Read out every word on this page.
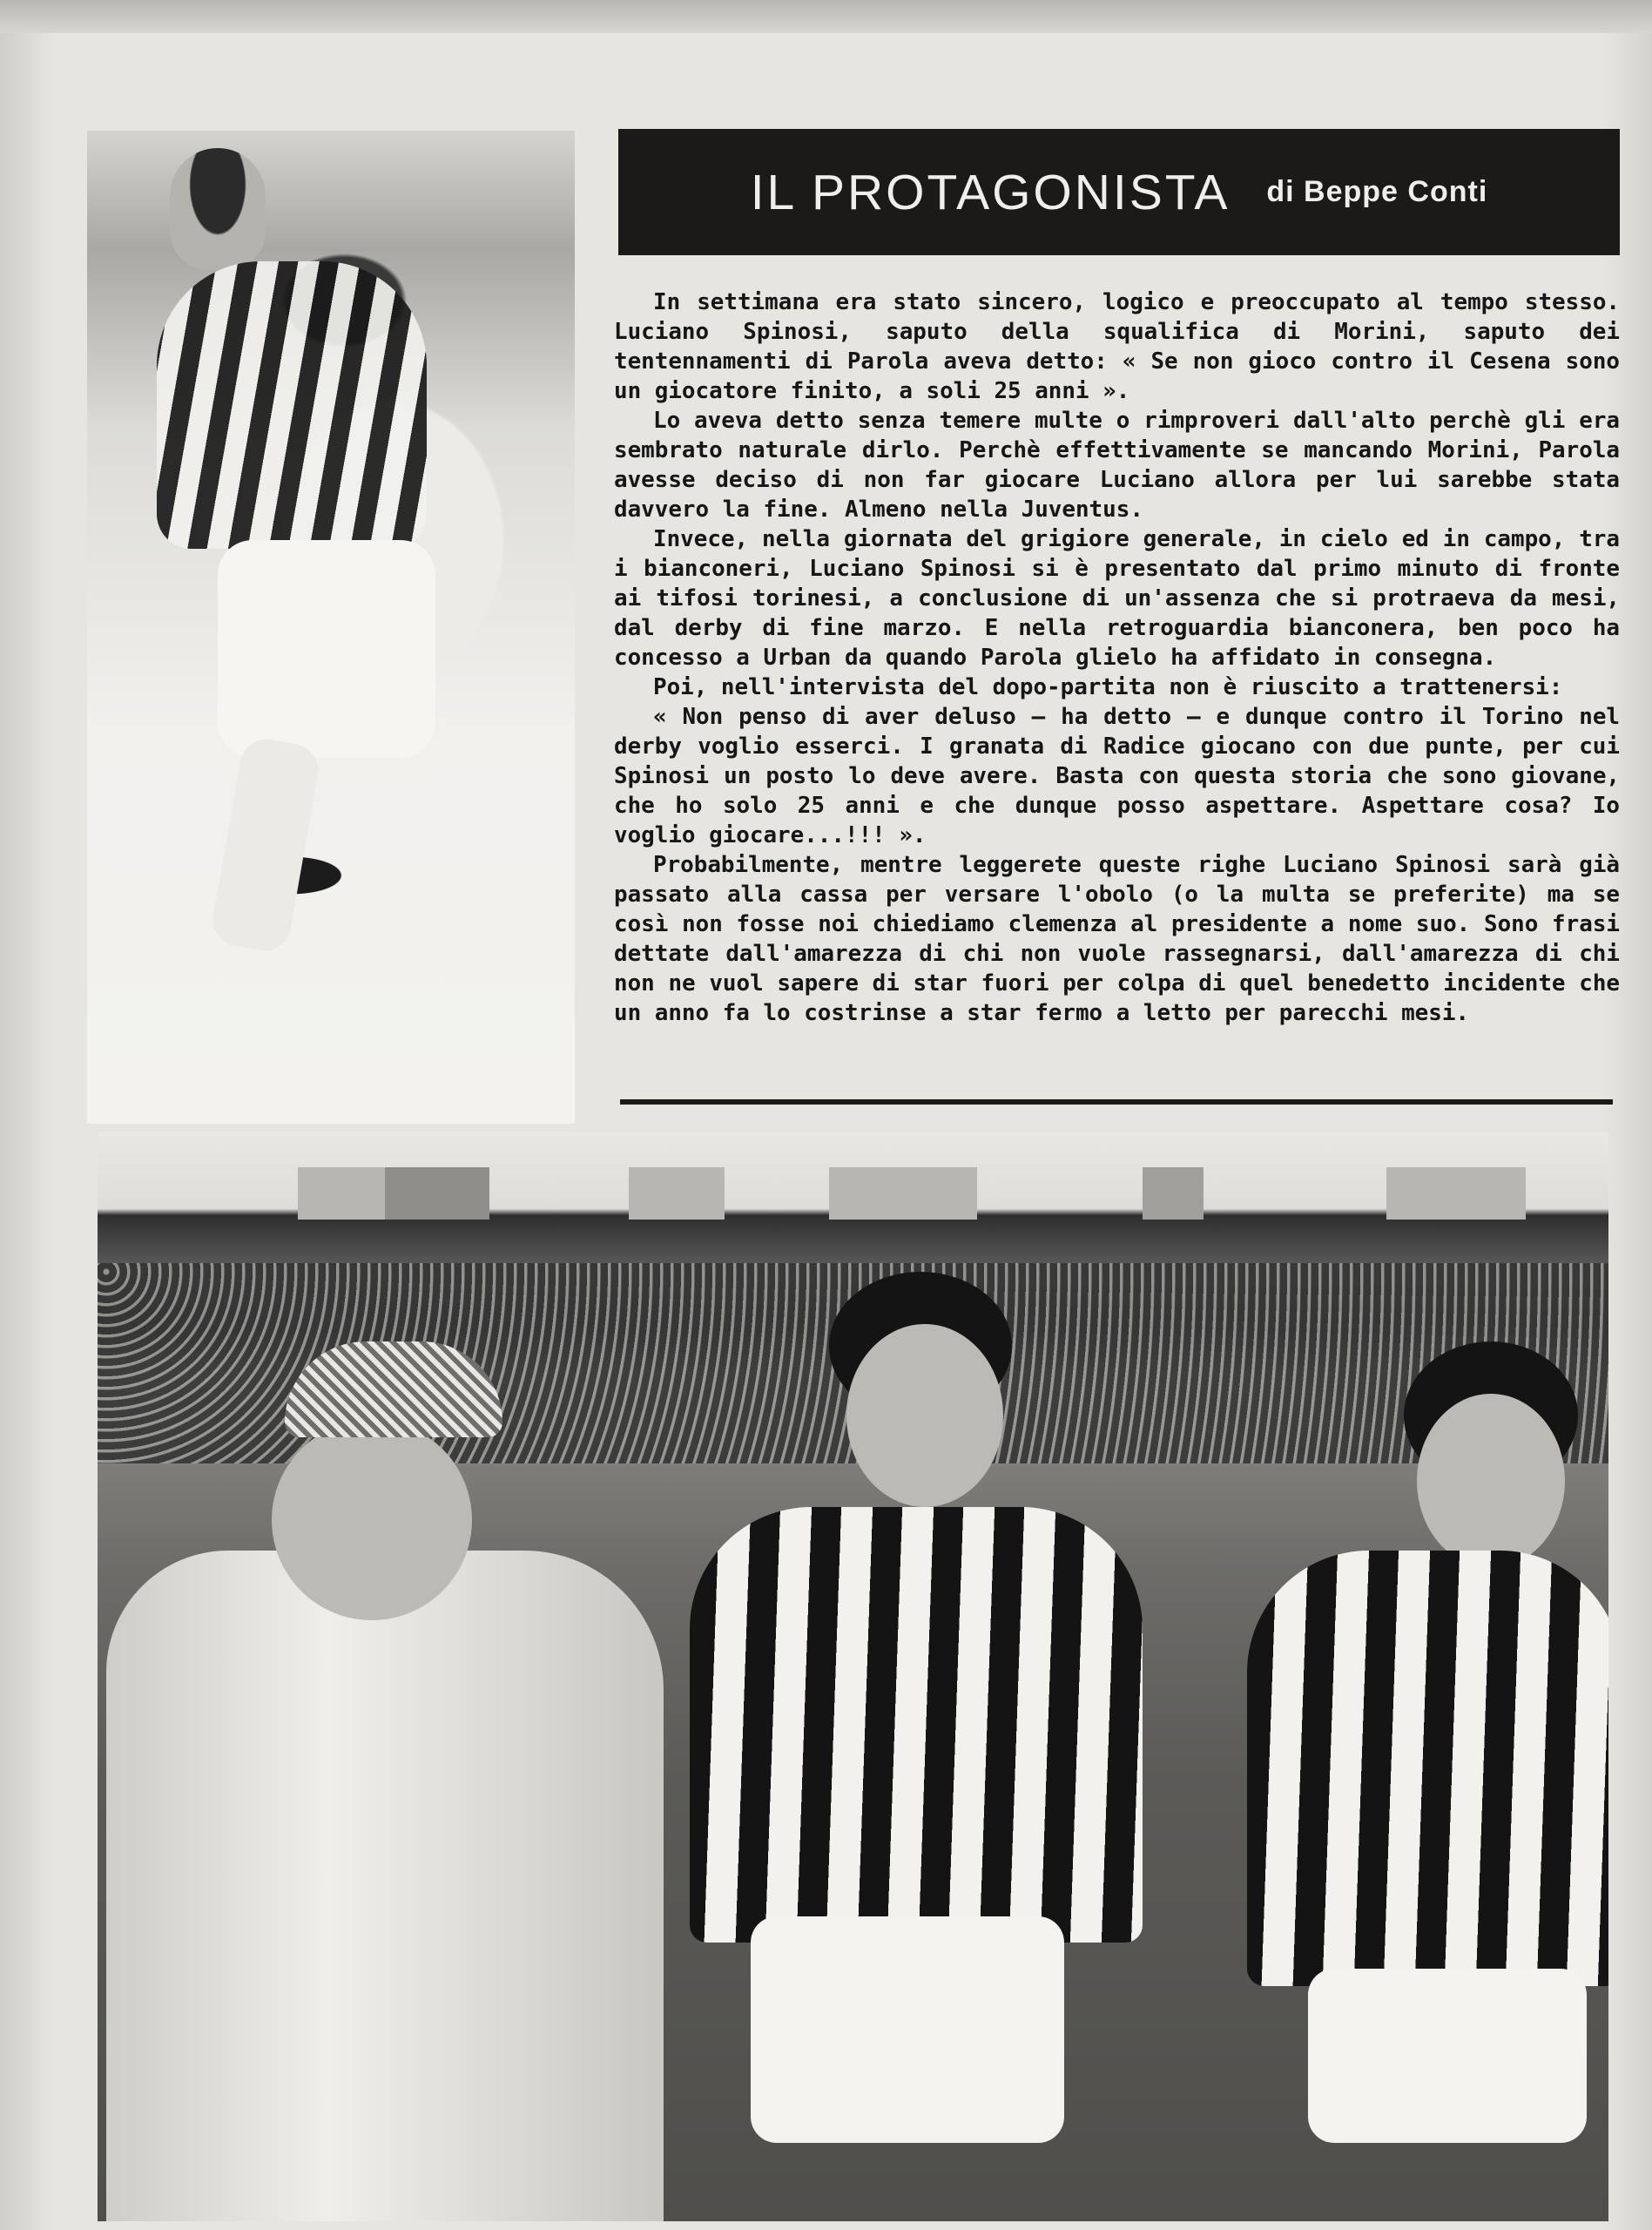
IL PROTAGONISTA di Beppe Conti

In settimana era stato sincero, logico e preoccupato al tempo stesso. Luciano Spinosi, saputo della squalifica di Morini, saputo dei tentennamenti di Parola aveva detto: « Se non gioco contro il Cesena sono un giocatore finito, a soli 25 anni ».

Lo aveva detto senza temere multe o rimproveri dall'alto perchè gli era sembrato naturale dirlo. Perchè effettivamente se mancando Morini, Parola avesse deciso di non far giocare Luciano allora per lui sarebbe stata davvero la fine. Almeno nella Juventus.

Invece, nella giornata del grigiore generale, in cielo ed in campo, tra i bianconeri, Luciano Spinosi si è presentato dal primo minuto di fronte ai tifosi torinesi, a conclusione di un'assenza che si protraeva da mesi, dal derby di fine marzo. E nella retroguardia bianconera, ben poco ha concesso a Urban da quando Parola glielo ha affidato in consegna.

Poi, nell'intervista del dopo-partita non è riuscito a trattenersi:

« Non penso di aver deluso — ha detto — e dunque contro il Torino nel derby voglio esserci. I granata di Radice giocano con due punte, per cui Spinosi un posto lo deve avere. Basta con questa storia che sono giovane, che ho solo 25 anni e che dunque posso aspettare. Aspettare cosa? Io voglio giocare...!!! ».

Probabilmente, mentre leggerete queste righe Luciano Spinosi sarà già passato alla cassa per versare l'obolo (o la multa se preferite) ma se così non fosse noi chiediamo clemenza al presidente a nome suo. Sono frasi dettate dall'amarezza di chi non vuole rassegnarsi, dall'amarezza di chi non ne vuol sapere di star fuori per colpa di quel benedetto incidente che un anno fa lo costrinse a star fermo a letto per parecchi mesi.
